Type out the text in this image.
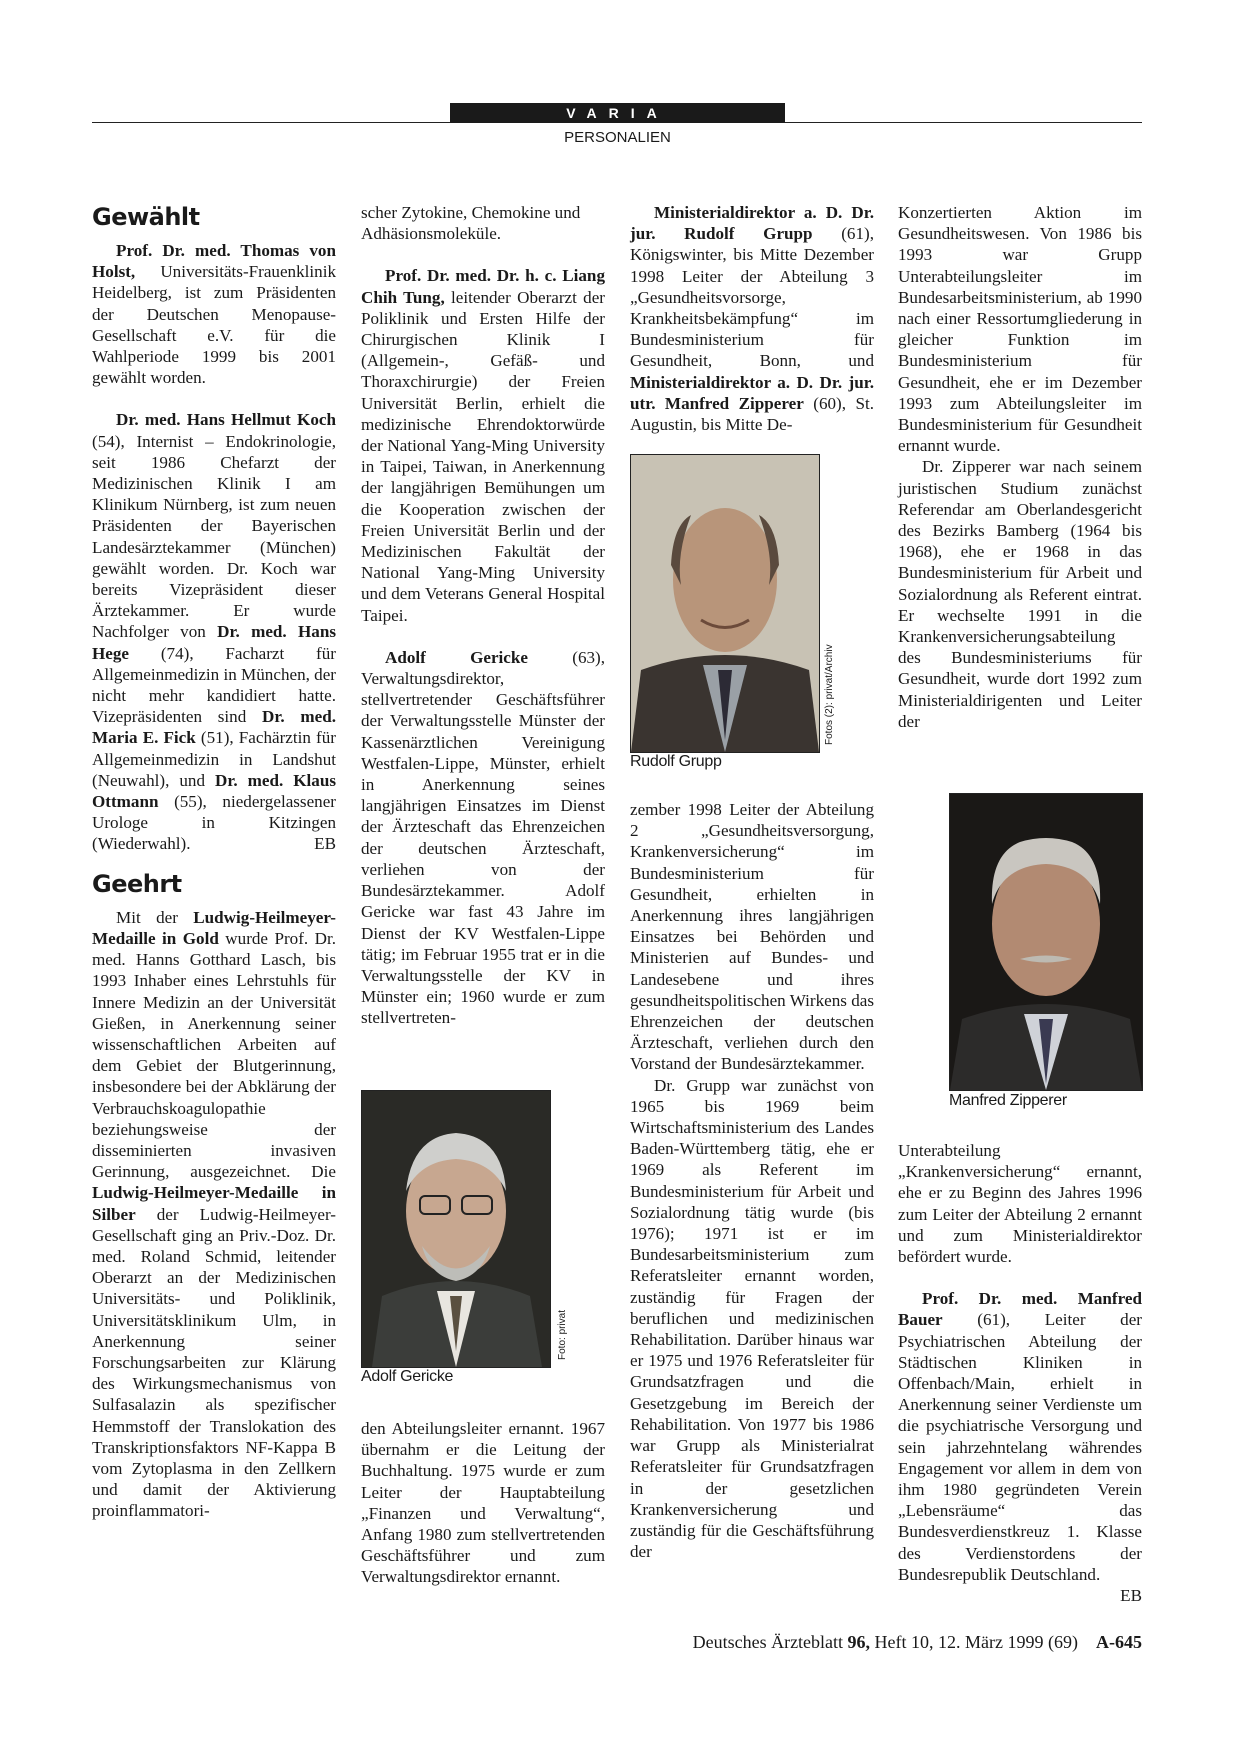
VARIA
PERSONALIEN
Gewählt

Prof. Dr. med. Thomas von Holst, Universitäts-Frauenklinik Heidelberg, ist zum Präsidenten der Deutschen Menopause-Gesellschaft e.V. für die Wahlperiode 1999 bis 2001 gewählt worden.

Dr. med. Hans Hellmut Koch (54), Internist – Endokrinologie, seit 1986 Chefarzt der Medizinischen Klinik I am Klinikum Nürnberg, ist zum neuen Präsidenten der Bayerischen Landesärztekammer (München) gewählt worden. Dr. Koch war bereits Vizepräsident dieser Ärztekammer. Er wurde Nachfolger von Dr. med. Hans Hege (74), Facharzt für Allgemeinmedizin in München, der nicht mehr kandidiert hatte. Vizepräsidenten sind Dr. med. Maria E. Fick (51), Fachärztin für Allgemeinmedizin in Landshut (Neuwahl), und Dr. med. Klaus Ottmann (55), niedergelassener Urologe in Kitzingen (Wiederwahl).	EB

Geehrt

Mit der Ludwig-Heilmeyer-Medaille in Gold wurde Prof. Dr. med. Hanns Gotthard Lasch, bis 1993 Inhaber eines Lehrstuhls für Innere Medizin an der Universität Gießen, in Anerkennung seiner wissenschaftlichen Arbeiten auf dem Gebiet der Blutgerinnung, insbesondere bei der Abklärung der Verbrauchskoagulopathie beziehungsweise der disseminierten invasiven Gerinnung, ausgezeichnet. Die Ludwig-Heilmeyer-Medaille in Silber der Ludwig-Heilmeyer-Gesellschaft ging an Priv.-Doz. Dr. med. Roland Schmid, leitender Oberarzt an der Medizinischen Universitäts- und Poliklinik, Universitätsklinikum Ulm, in Anerkennung seiner Forschungsarbeiten zur Klärung des Wirkungsmechanismus von Sulfasalazin als spezifischer Hemmstoff der Translokation des Transkriptionsfaktors NF-Kappa B vom Zytoplasma in den Zellkern und damit der Aktivierung proinflammatori-

scher Zytokine, Chemokine und Adhäsionsmoleküle.

Prof. Dr. med. Dr. h. c. Liang Chih Tung, leitender Oberarzt der Poliklinik und Ersten Hilfe der Chirurgischen Klinik I (Allgemein-, Gefäß- und Thoraxchirurgie) der Freien Universität Berlin, erhielt die medizinische Ehrendoktorwürde der National Yang-Ming University in Taipei, Taiwan, in Anerkennung der langjährigen Bemühungen um die Kooperation zwischen der Freien Universität Berlin und der Medizinischen Fakultät der National Yang-Ming University und dem Veterans General Hospital Taipei.

Adolf Gericke (63), Verwaltungsdirektor, stellvertretender Geschäftsführer der Verwaltungsstelle Münster der Kassenärztlichen Vereinigung Westfalen-Lippe, Münster, erhielt in Anerkennung seines langjährigen Einsatzes im Dienst der Ärzteschaft das Ehrenzeichen der deutschen Ärzteschaft, verliehen von der Bundesärztekammer. Adolf Gericke war fast 43 Jahre im Dienst der KV Westfalen-Lippe tätig; im Februar 1955 trat er in die Verwaltungsstelle der KV in Münster ein; 1960 wurde er zum stellvertreten-

Foto: privat
Adolf Gericke

den Abteilungsleiter ernannt. 1967 übernahm er die Leitung der Buchhaltung. 1975 wurde er zum Leiter der Hauptabteilung „Finanzen und Verwaltung“, Anfang 1980 zum stellvertretenden Geschäftsführer und zum Verwaltungsdirektor ernannt.

Ministerialdirektor a. D. Dr. jur. Rudolf Grupp (61), Königswinter, bis Mitte Dezember 1998 Leiter der Abteilung 3 „Gesundheitsvorsorge, Krankheitsbekämpfung“ im Bundesministerium für Gesundheit, Bonn, und Ministerialdirektor a. D. Dr. jur. utr. Manfred Zipperer (60), St. Augustin, bis Mitte De-

Fotos (2): privat/Archiv
Rudolf Grupp

zember 1998 Leiter der Abteilung 2 „Gesundheitsversorgung, Krankenversicherung“ im Bundesministerium für Gesundheit, erhielten in Anerkennung ihres langjährigen Einsatzes bei Behörden und Ministerien auf Bundes- und Landesebene und ihres gesundheitspolitischen Wirkens das Ehrenzeichen der deutschen Ärzteschaft, verliehen durch den Vorstand der Bundesärztekammer.

Dr. Grupp war zunächst von 1965 bis 1969 beim Wirtschaftsministerium des Landes Baden-Württemberg tätig, ehe er 1969 als Referent im Bundesministerium für Arbeit und Sozialordnung tätig wurde (bis 1976); 1971 ist er im Bundesarbeitsministerium zum Referatsleiter ernannt worden, zuständig für Fragen der beruflichen und medizinischen Rehabilitation. Darüber hinaus war er 1975 und 1976 Referatsleiter für Grundsatzfragen und die Gesetzgebung im Bereich der Rehabilitation. Von 1977 bis 1986 war Grupp als Ministerialrat Referatsleiter für Grundsatzfragen in der gesetzlichen Krankenversicherung und zuständig für die Geschäftsführung der

Konzertierten Aktion im Gesundheitswesen. Von 1986 bis 1993 war Grupp Unterabteilungsleiter im Bundesarbeitsministerium, ab 1990 nach einer Ressortumgliederung in gleicher Funktion im Bundesministerium für Gesundheit, ehe er im Dezember 1993 zum Abteilungsleiter im Bundesministerium für Gesundheit ernannt wurde.

Dr. Zipperer war nach seinem juristischen Studium zunächst Referendar am Oberlandesgericht des Bezirks Bamberg (1964 bis 1968), ehe er 1968 in das Bundesministerium für Arbeit und Sozialordnung als Referent eintrat. Er wechselte 1991 in die Krankenversicherungsabteilung des Bundesministeriums für Gesundheit, wurde dort 1992 zum Ministerialdirigenten und Leiter der

Manfred Zipperer

Unterabteilung „Krankenversicherung“ ernannt, ehe er zu Beginn des Jahres 1996 zum Leiter der Abteilung 2 ernannt und zum Ministerialdirektor befördert wurde.

Prof. Dr. med. Manfred Bauer (61), Leiter der Psychiatrischen Abteilung der Städtischen Kliniken in Offenbach/Main, erhielt in Anerkennung seiner Verdienste um die psychiatrische Versorgung und sein jahrzehntelang währendes Engagement vor allem in dem von ihm 1980 gegründeten Verein „Lebensräume“ das Bundesverdienstkreuz 1. Klasse des Verdienstordens der Bundesrepublik Deutschland.
EB

Deutsches Ärzteblatt 96, Heft 10, 12. März 1999 (69) A-645
